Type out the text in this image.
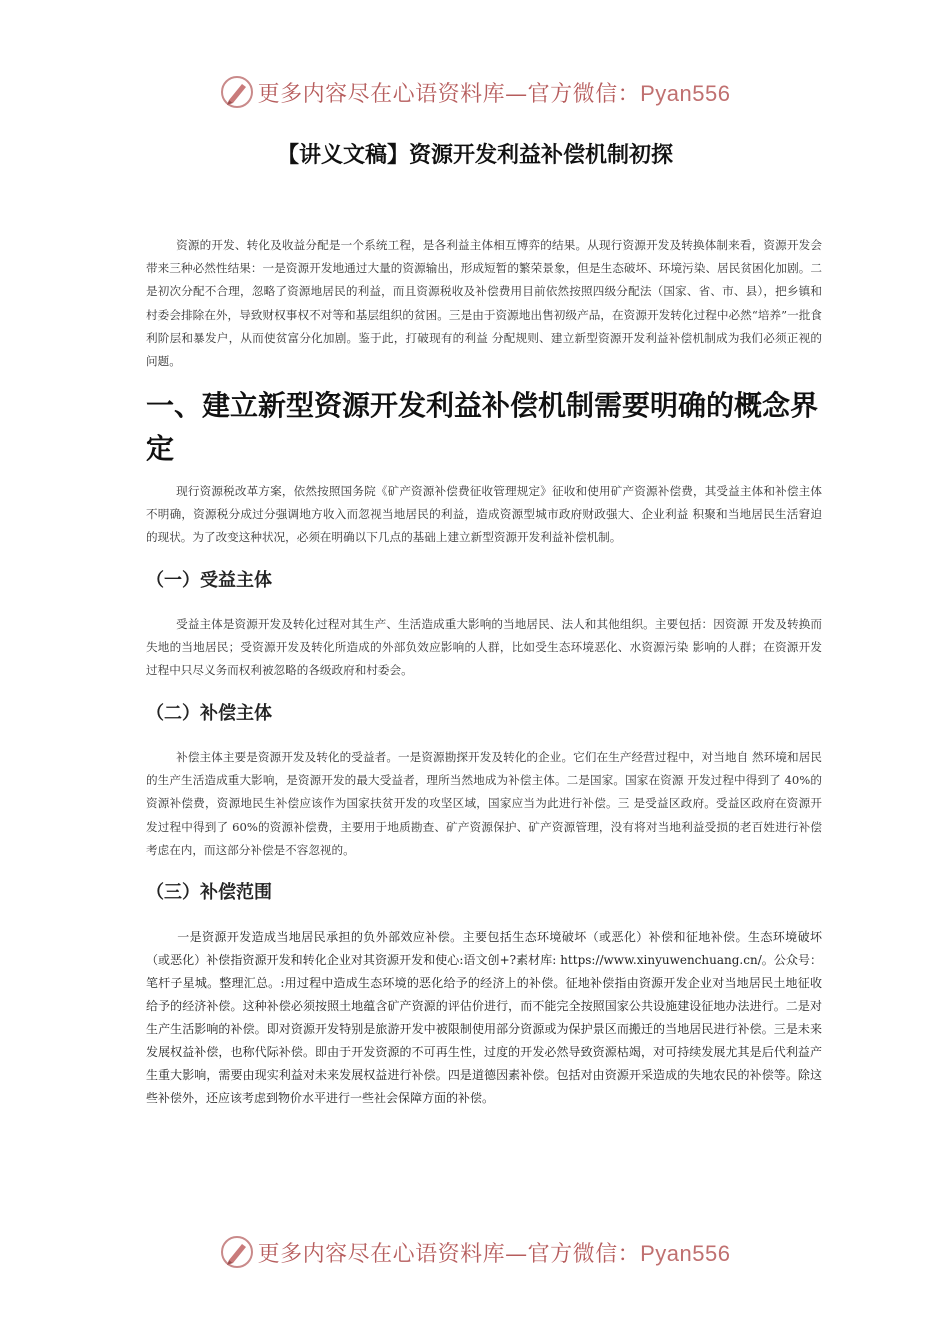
更多内容尽在心语资料库—官方微信：Pyan556
【讲义文稿】资源开发利益补偿机制初探

资源的开发、转化及收益分配是一个系统工程，是各利益主体相互博弈的结果。从现行资源开发及转换体制来看，资源开发会带来三种必然性结果：一是资源开发地通过大量的资源输出，形成短暂的繁荣景象，但是生态破坏、环境污染、居民贫困化加剧。二是初次分配不合理，忽略了资源地居民的利益，而且资源税收及补偿费用目前依然按照四级分配法（国家、省、市、县），把乡镇和村委会排除在外，导致财权事权不对等和基层组织的贫困。三是由于资源地出售初级产品，在资源开发转化过程中必然“培养”一批食利阶层和暴发户，从而使贫富分化加剧。鉴于此，打破现有的利益 分配规则、建立新型资源开发利益补偿机制成为我们必须正视的问题。

一、建立新型资源开发利益补偿机制需要明确的概念界定

现行资源税改革方案，依然按照国务院《矿产资源补偿费征收管理规定》征收和使用矿产资源补偿费，其受益主体和补偿主体不明确，资源税分成过分强调地方收入而忽视当地居民的利益，造成资源型城市政府财政强大、企业利益 积聚和当地居民生活窘迫的现状。为了改变这种状况，必须在明确以下几点的基础上建立新型资源开发利益补偿机制。

（一）受益主体

受益主体是资源开发及转化过程对其生产、生活造成重大影响的当地居民、法人和其他组织。主要包括：因资源 开发及转换而失地的当地居民；受资源开发及转化所造成的外部负效应影响的人群，比如受生态环境恶化、水资源污染 影响的人群；在资源开发过程中只尽义务而权利被忽略的各级政府和村委会。

（二）补偿主体

补偿主体主要是资源开发及转化的受益者。一是资源勘探开发及转化的企业。它们在生产经营过程中，对当地自 然环境和居民的生产生活造成重大影响，是资源开发的最大受益者，理所当然地成为补偿主体。二是国家。国家在资源 开发过程中得到了 40%的资源补偿费，资源地民生补偿应该作为国家扶贫开发的攻坚区域，国家应当为此进行补偿。三 是受益区政府。受益区政府在资源开发过程中得到了 60%的资源补偿费，主要用于地质勘查、矿产资源保护、矿产资源管理，没有将对当地利益受损的老百姓进行补偿考虑在内，而这部分补偿是不容忽视的。

（三）补偿范围

一是资源开发造成当地居民承担的负外部效应补偿。主要包括生态环境破坏（或恶化）补偿和征地补偿。生态环境破坏（或恶化）补偿指资源开发和转化企业对其资源开发和使心:语文创+?素材库: https://www.xinyuwenchuang.cn/。公众号：笔杆子星城。整理汇总。:用过程中造成生态环境的恶化给予的经济上的补偿。征地补偿指由资源开发企业对当地居民土地征收给予的经济补偿。这种补偿必须按照土地蕴含矿产资源的评估价进行，而不能完全按照国家公共设施建设征地办法进行。二是对生产生活影响的补偿。即对资源开发特别是旅游开发中被限制使用部分资源或为保护景区而搬迁的当地居民进行补偿。三是未来发展权益补偿，也称代际补偿。即由于开发资源的不可再生性，过度的开发必然导致资源枯竭，对可持续发展尤其是后代利益产生重大影响，需要由现实利益对未来发展权益进行补偿。四是道德因素补偿。包括对由资源开采造成的失地农民的补偿等。除这些补偿外，还应该考虑到物价水平进行一些社会保障方面的补偿。

更多内容尽在心语资料库—官方微信：Pyan556
